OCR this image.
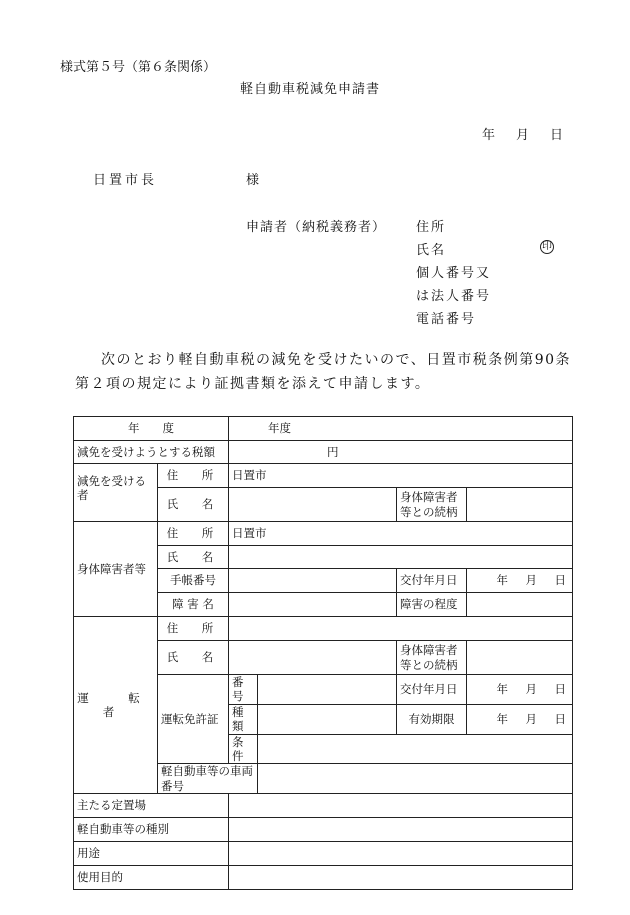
様式第５号（第６条関係）
軽自動車税減免申請書
年　月　日
日置市長	様
申請者（納税義務者） 住所
氏名	印
個人番号又
は法人番号
電話番号
次のとおり軽自動車税の減免を受けたいので、日置市税条例第90条第２項の規定により証拠書類を添えて申請します。
年　　度		年度			
減免を受けようとする税額		円			
減免を受ける者	住　所	日置市			
	氏　名			身体障害者等との続柄	
身体障害者等	住　所	日置市			
	氏　名				
	手帳番号			交付年月日	年　月　日
	障 害 名			障害の程度	
運　転　者	住　所				
	氏　名			身体障害者等との続柄	
	運転免許証	番号		交付年月日	年　月　日
		種類		有効期限	年　月　日
		条件			
	軽自動車等の車両番号				
主たる定置場					
軽自動車等の種別					
用途					
使用目的					
